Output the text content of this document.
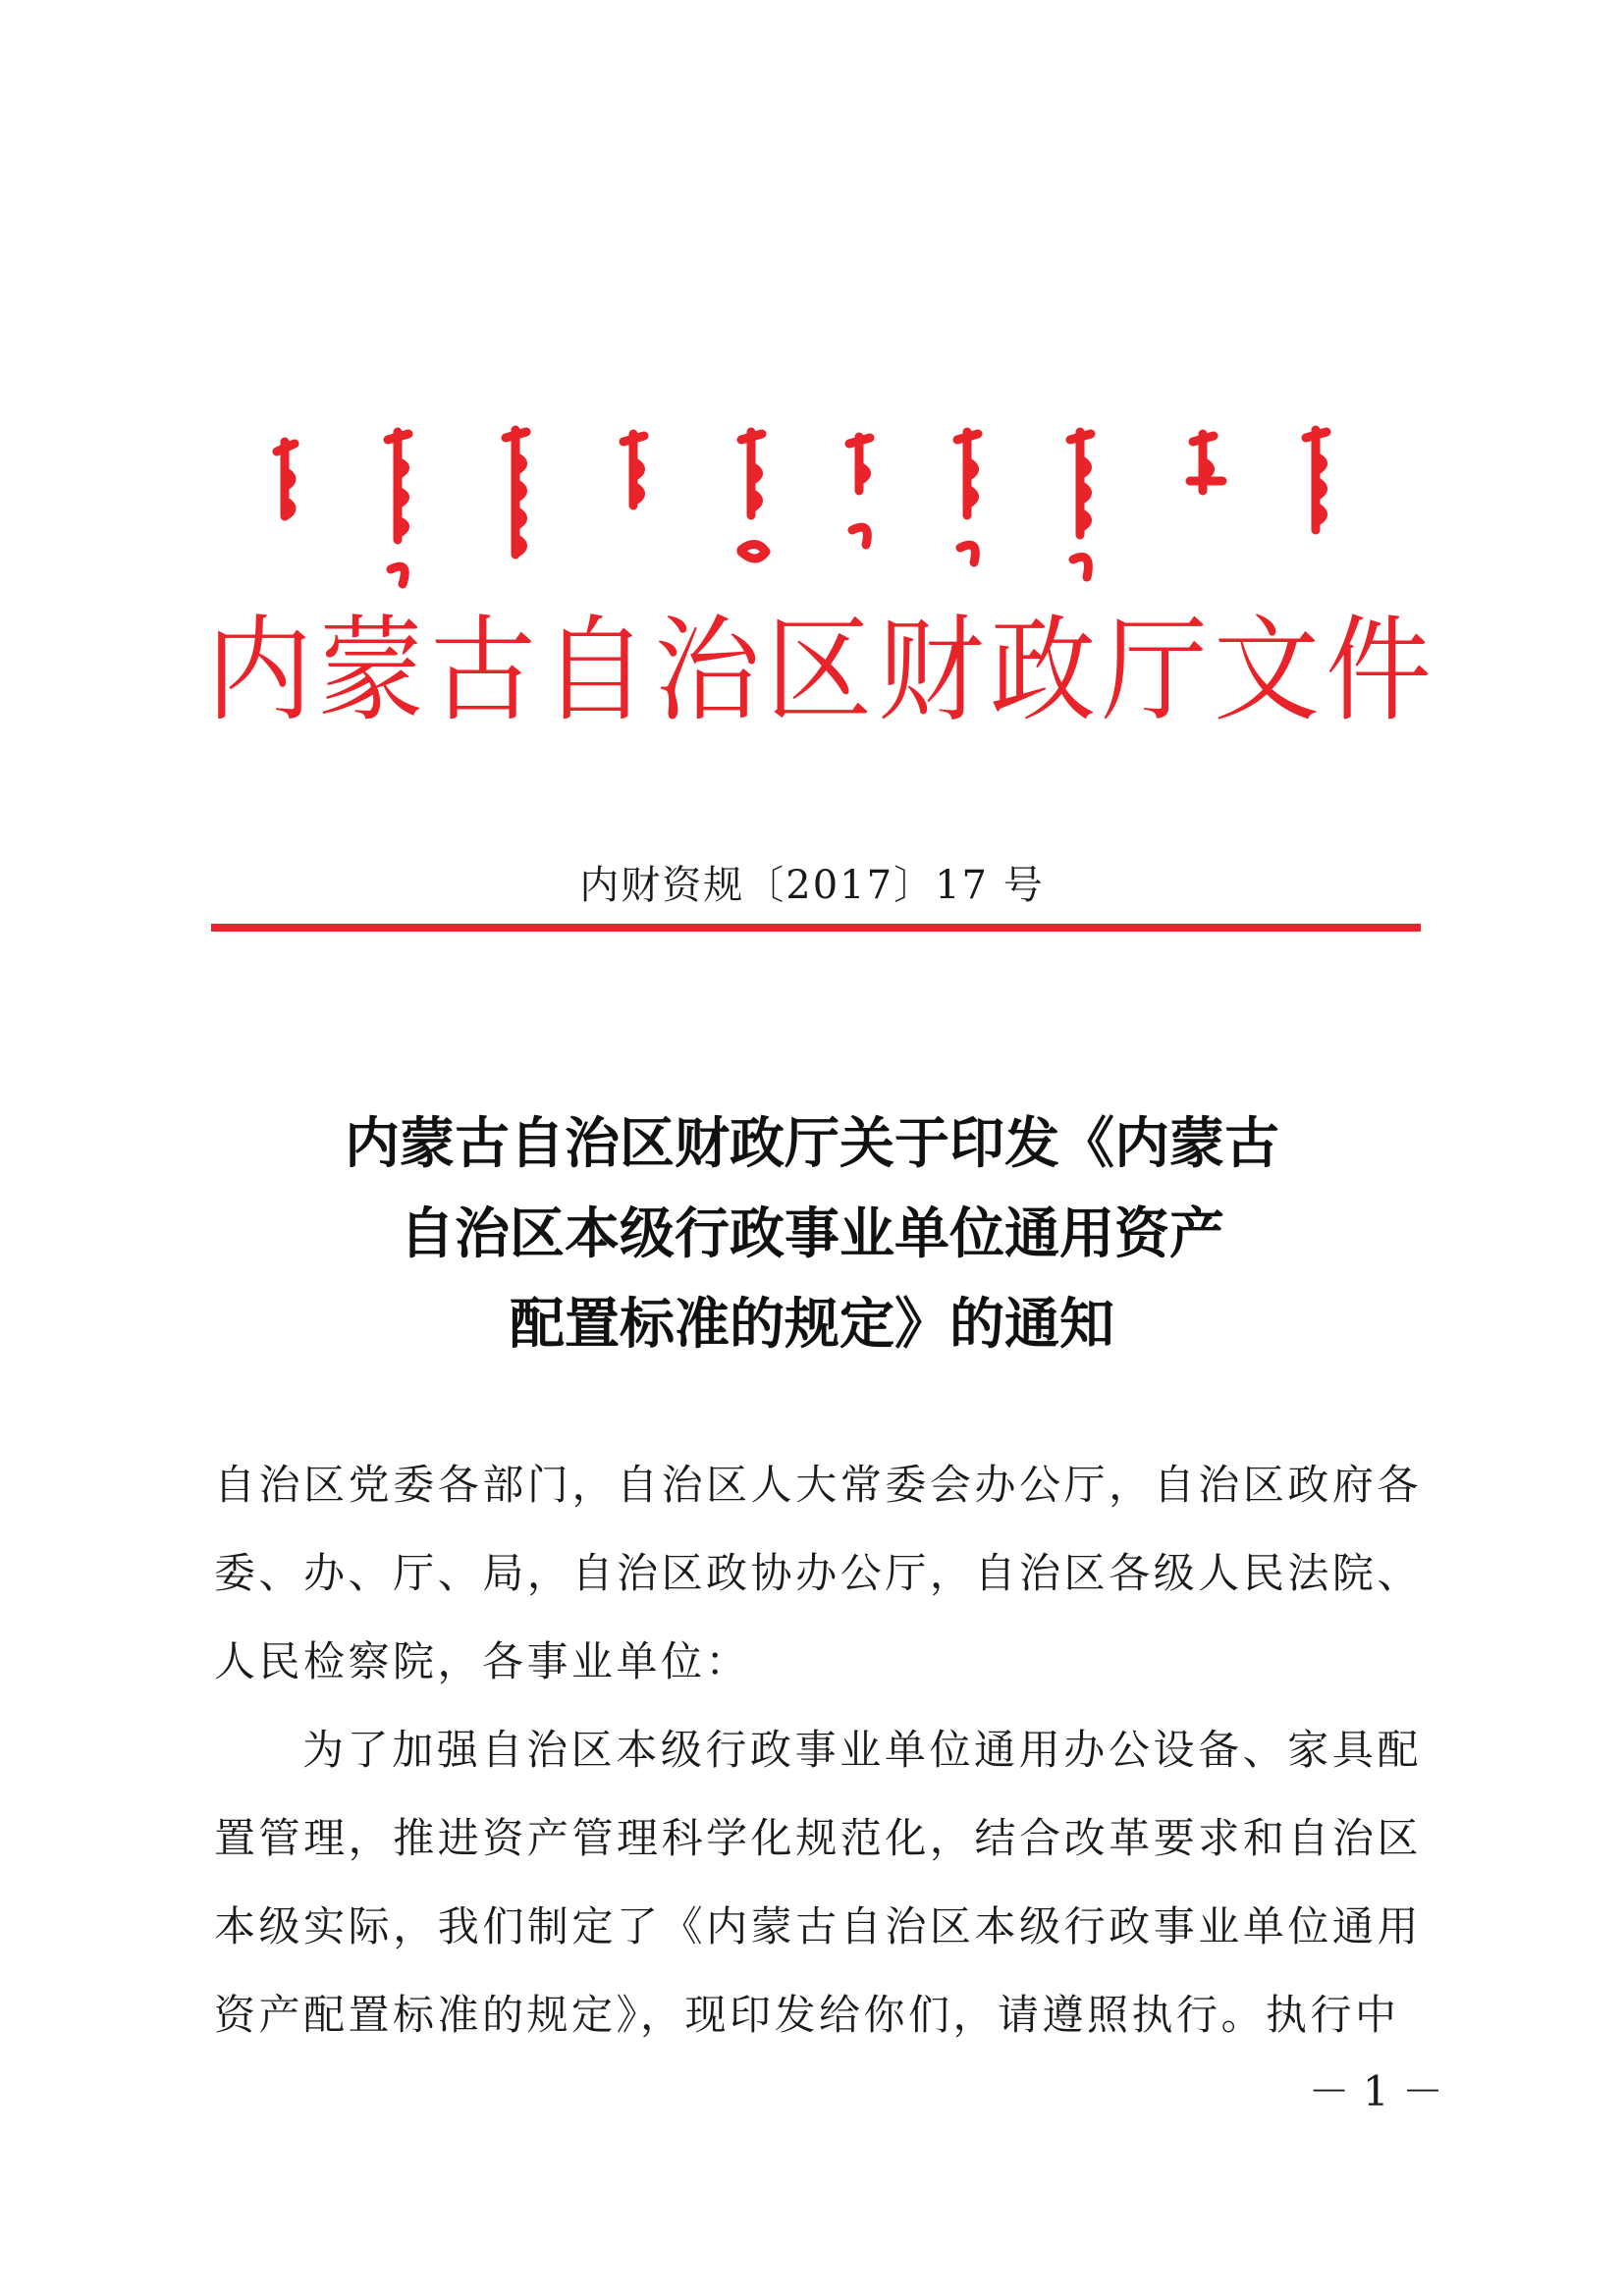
内蒙古自治区财政厅文件
内财资规〔2017〕17 号
内蒙古自治区财政厅关于印发《内蒙古
自治区本级行政事业单位通用资产
配置标准的规定》的通知

自治区党委各部门，自治区人大常委会办公厅，自治区政府各委、办、厅、局，自治区政协办公厅，自治区各级人民法院、人民检察院，各事业单位：

为了加强自治区本级行政事业单位通用办公设备、家具配置管理，推进资产管理科学化规范化，结合改革要求和自治区本级实际，我们制定了《内蒙古自治区本级行政事业单位通用资产配置标准的规定》，现印发给你们，请遵照执行。执行中

－ 1 －
